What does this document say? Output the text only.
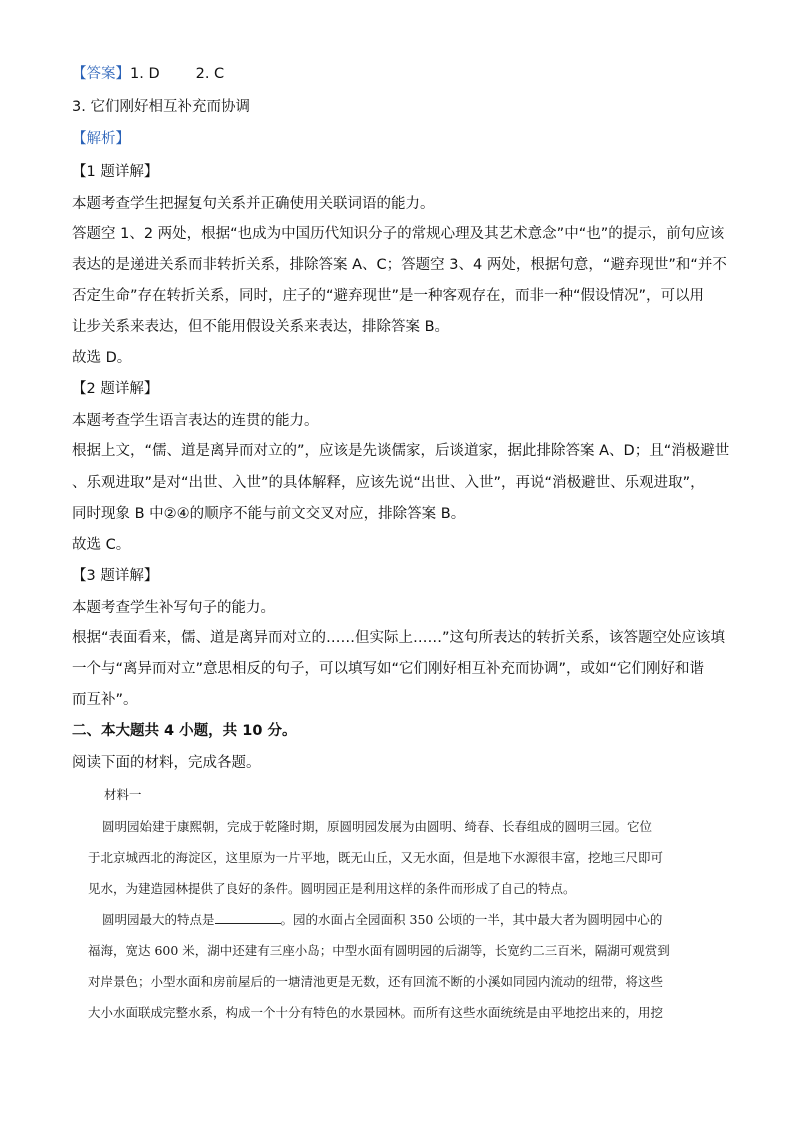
【答案】1. D 2. C
3. 它们刚好相互补充而协调
【解析】
【1 题详解】
本题考查学生把握复句关系并正确使用关联词语的能力。
答题空 1、2 两处，根据“也成为中国历代知识分子的常规心理及其艺术意念”中“也”的提示，前句应该
表达的是递进关系而非转折关系，排除答案 A、C；答题空 3、4 两处，根据句意，“避弃现世”和“并不
否定生命”存在转折关系，同时，庄子的“避弃现世”是一种客观存在，而非一种“假设情况”，可以用
让步关系来表达，但不能用假设关系来表达，排除答案 B。
故选 D。
【2 题详解】
本题考查学生语言表达的连贯的能力。
根据上文，“儒、道是离异而对立的”，应该是先谈儒家，后谈道家，据此排除答案 A、D；且“消极避世
、乐观进取”是对“出世、入世”的具体解释，应该先说“出世、入世”，再说“消极避世、乐观进取”，
同时现象 B 中②④的顺序不能与前文交叉对应，排除答案 B。
故选 C。
【3 题详解】
本题考查学生补写句子的能力。
根据“表面看来，儒、道是离异而对立的……但实际上……”这句所表达的转折关系，该答题空处应该填
一个与“离异而对立”意思相反的句子，可以填写如“它们刚好相互补充而协调”，或如“它们刚好和谐
而互补”。
二、本大题共 4 小题，共 10 分。
阅读下面的材料，完成各题。
材料一
圆明园始建于康熙朝，完成于乾隆时期，原圆明园发展为由圆明、绮春、长春组成的圆明三园。它位
于北京城西北的海淀区，这里原为一片平地，既无山丘，又无水面，但是地下水源很丰富，挖地三尺即可
见水，为建造园林提供了良好的条件。圆明园正是利用这样的条件而形成了自己的特点。
圆明园最大的特点是	。园的水面占全园面积 350 公顷的一半，其中最大者为圆明园中心的
福海，宽达 600 米，湖中还建有三座小岛；中型水面有圆明园的后湖等，长宽约二三百米，隔湖可观赏到
对岸景色；小型水面和房前屋后的一塘清池更是无数，还有回流不断的小溪如同园内流动的纽带，将这些
大小水面联成完整水系，构成一个十分有特色的水景园林。而所有这些水面统统是由平地挖出来的，用挖
